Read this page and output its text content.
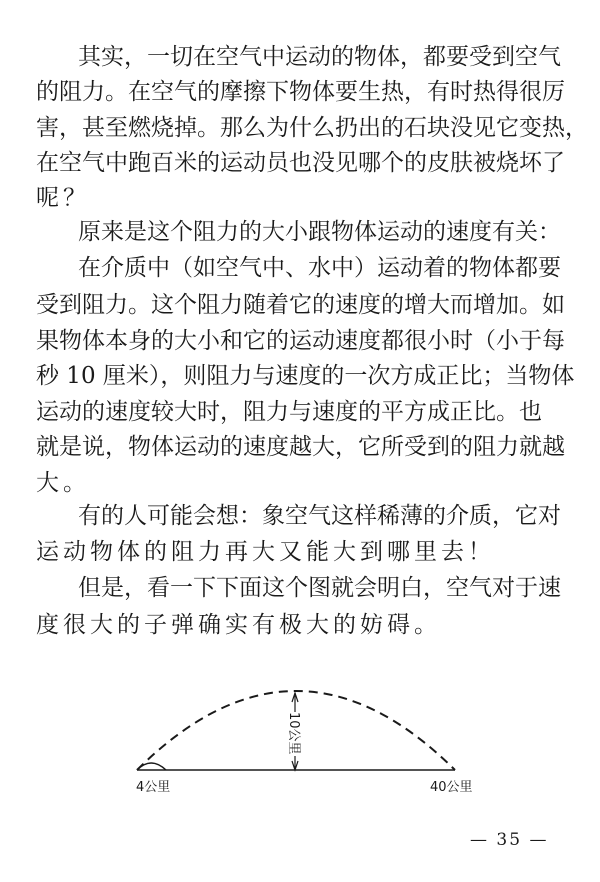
其实，一切在空气中运动的物体，都要受到空气
的阻力。在空气的摩擦下物体要生热，有时热得很厉
害，甚至燃烧掉。那么为什么扔出的石块没见它变热，
在空气中跑百米的运动员也没见哪个的皮肤被烧坏了
呢？
原来是这个阻力的大小跟物体运动的速度有关：
在介质中（如空气中、水中）运动着的物体都要
受到阻力。这个阻力随着它的速度的增大而增加。如
果物体本身的大小和它的运动速度都很小时（小于每
秒 10 厘米），则阻力与速度的一次方成正比；当物体
运动的速度较大时，阻力与速度的平方成正比。也
就是说，物体运动的速度越大，它所受到的阻力就越
大。
有的人可能会想：象空气这样稀薄的介质，它对
运动物体的阻力再大又能大到哪里去！
但是，看一下下面这个图就会明白，空气对于速
度很大的子弹确实有极大的妨碍。
10公里
4公里	40公里
— 35 —
